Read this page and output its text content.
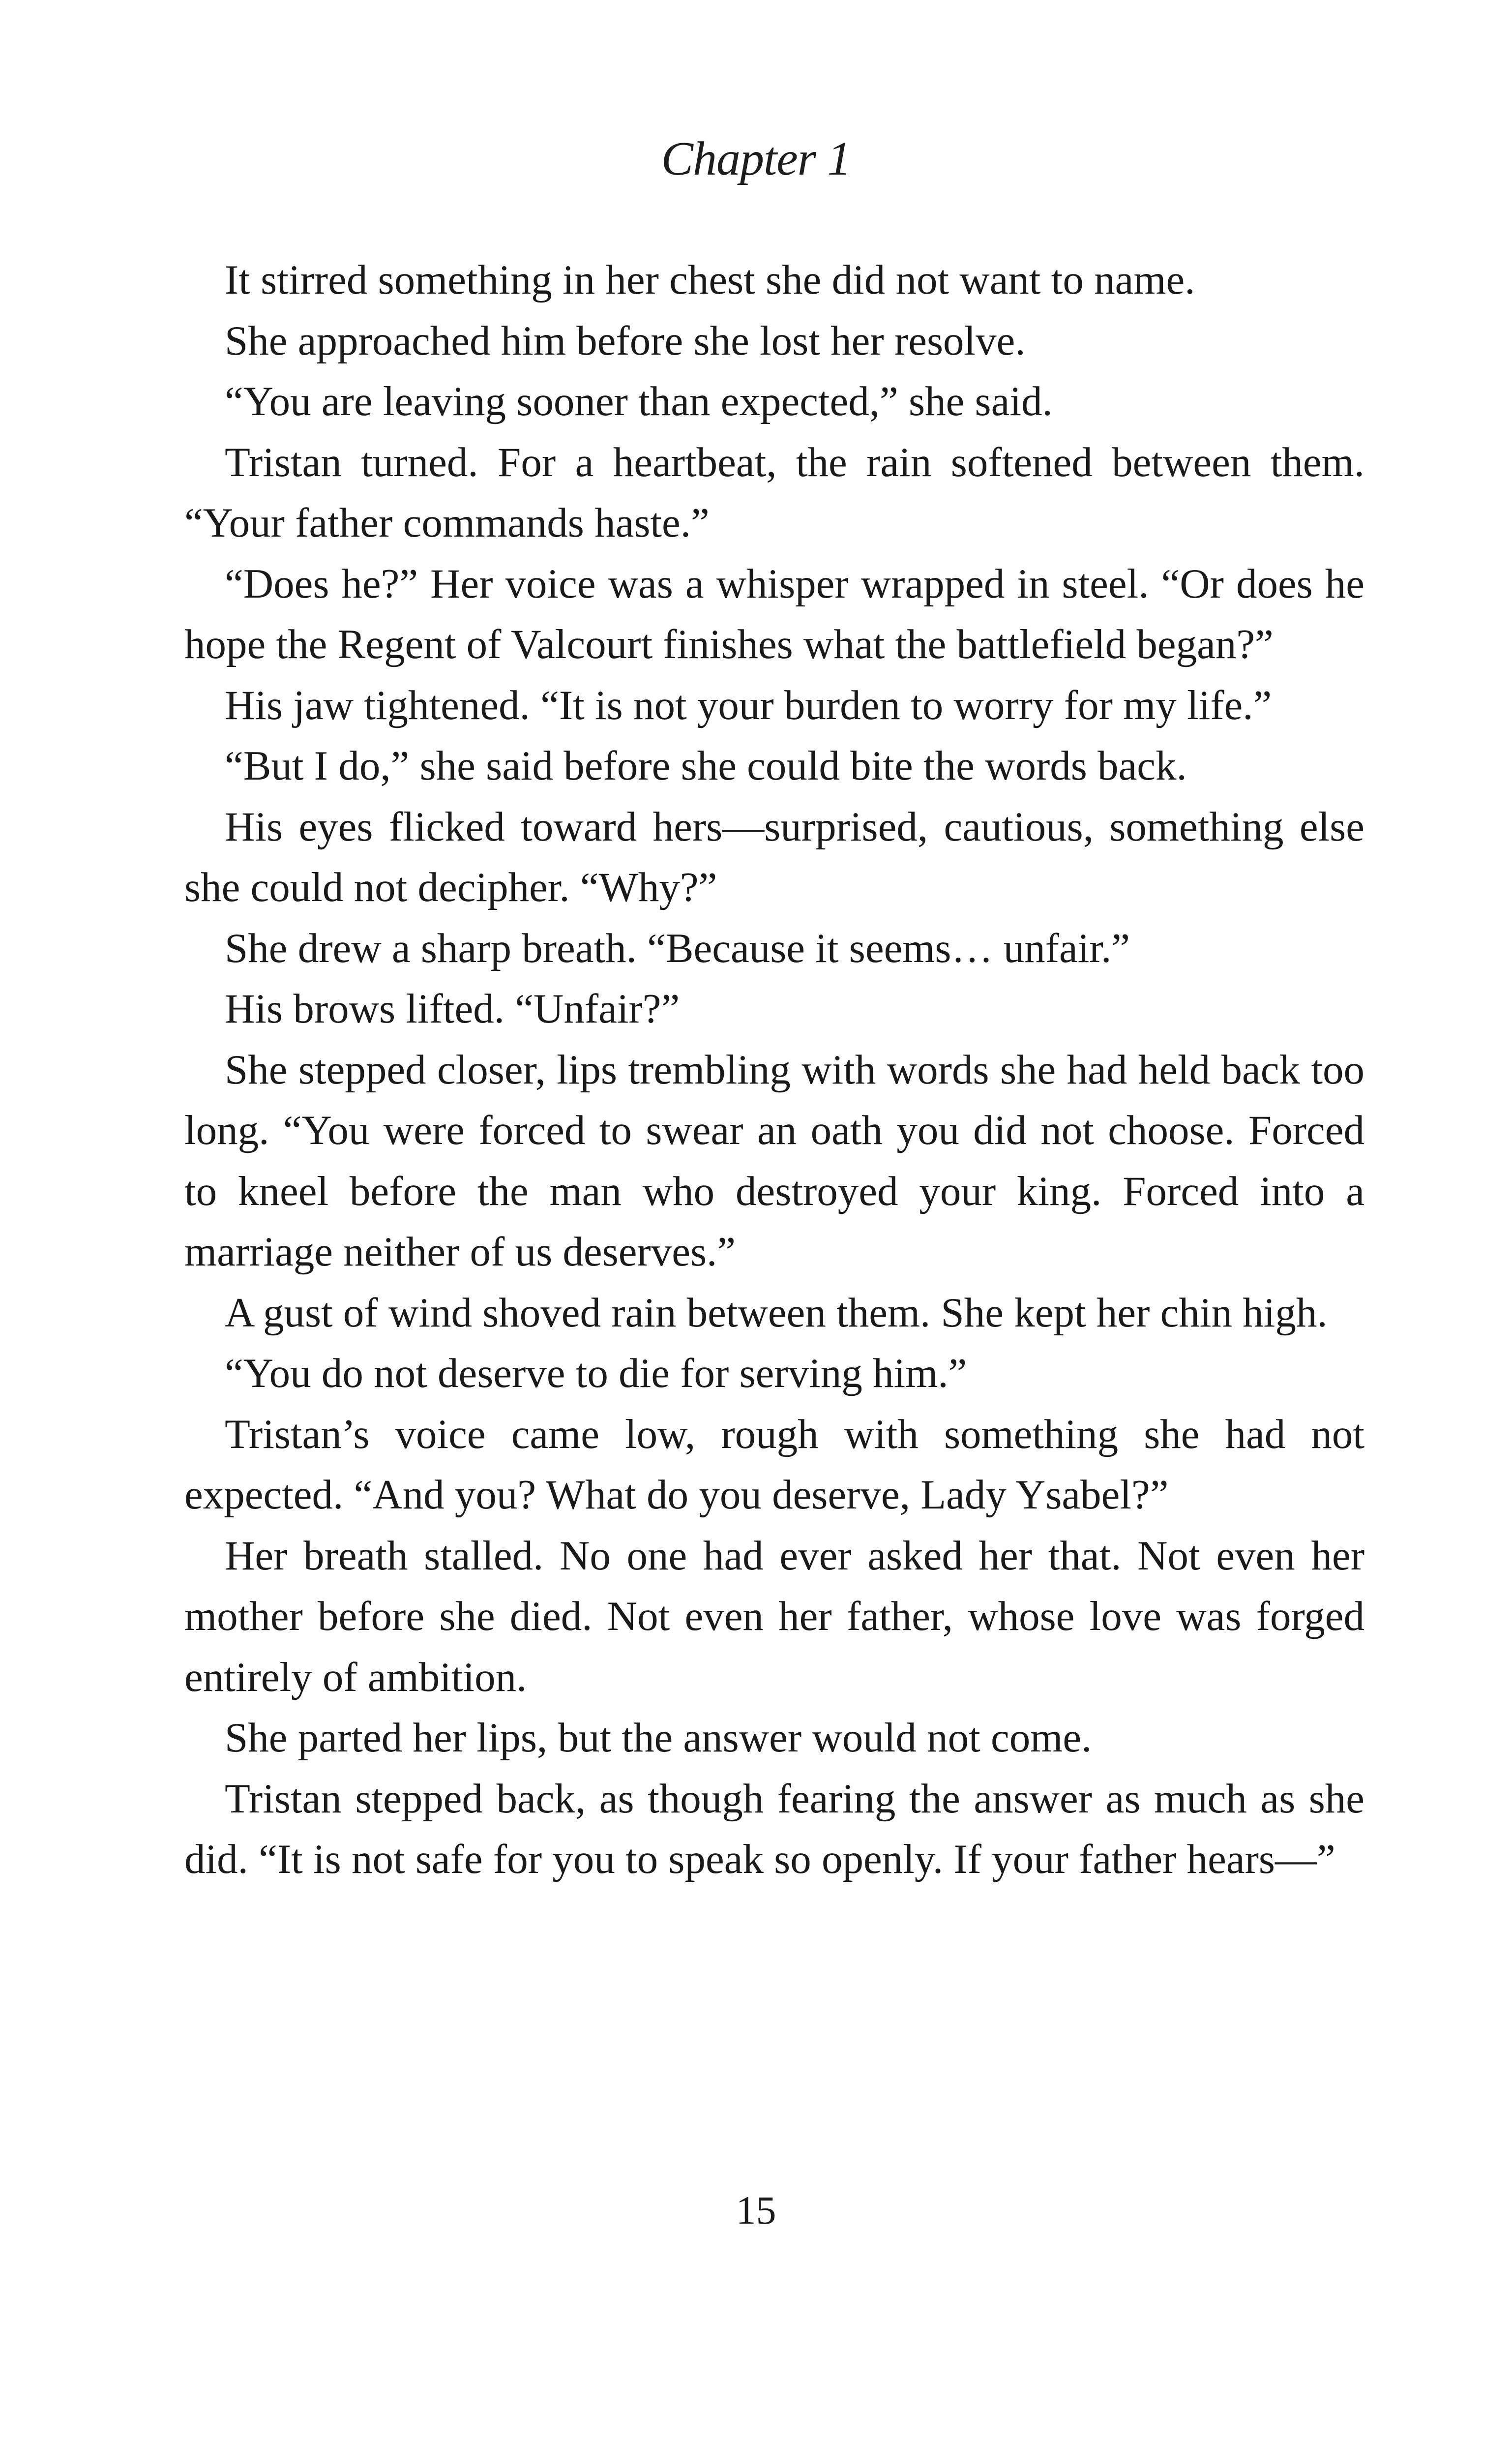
Chapter 1

It stirred something in her chest she did not want to name.

She approached him before she lost her resolve.

“You are leaving sooner than expected,” she said.

Tristan turned. For a heartbeat, the rain softened between them. “Your father commands haste.”

“Does he?” Her voice was a whisper wrapped in steel. “Or does he hope the Regent of Valcourt finishes what the battlefield began?”

His jaw tightened. “It is not your burden to worry for my life.”

“But I do,” she said before she could bite the words back.

His eyes flicked toward hers—surprised, cautious, something else she could not decipher. “Why?”

She drew a sharp breath. “Because it seems… unfair.”

His brows lifted. “Unfair?”

She stepped closer, lips trembling with words she had held back too long. “You were forced to swear an oath you did not choose. Forced to kneel before the man who destroyed your king. Forced into a marriage neither of us deserves.”

A gust of wind shoved rain between them. She kept her chin high.

“You do not deserve to die for serving him.”

Tristan’s voice came low, rough with something she had not expected. “And you? What do you deserve, Lady Ysabel?”

Her breath stalled. No one had ever asked her that. Not even her mother before she died. Not even her father, whose love was forged entirely of ambition.

She parted her lips, but the answer would not come.

Tristan stepped back, as though fearing the answer as much as she did. “It is not safe for you to speak so openly. If your father hears—”

15
